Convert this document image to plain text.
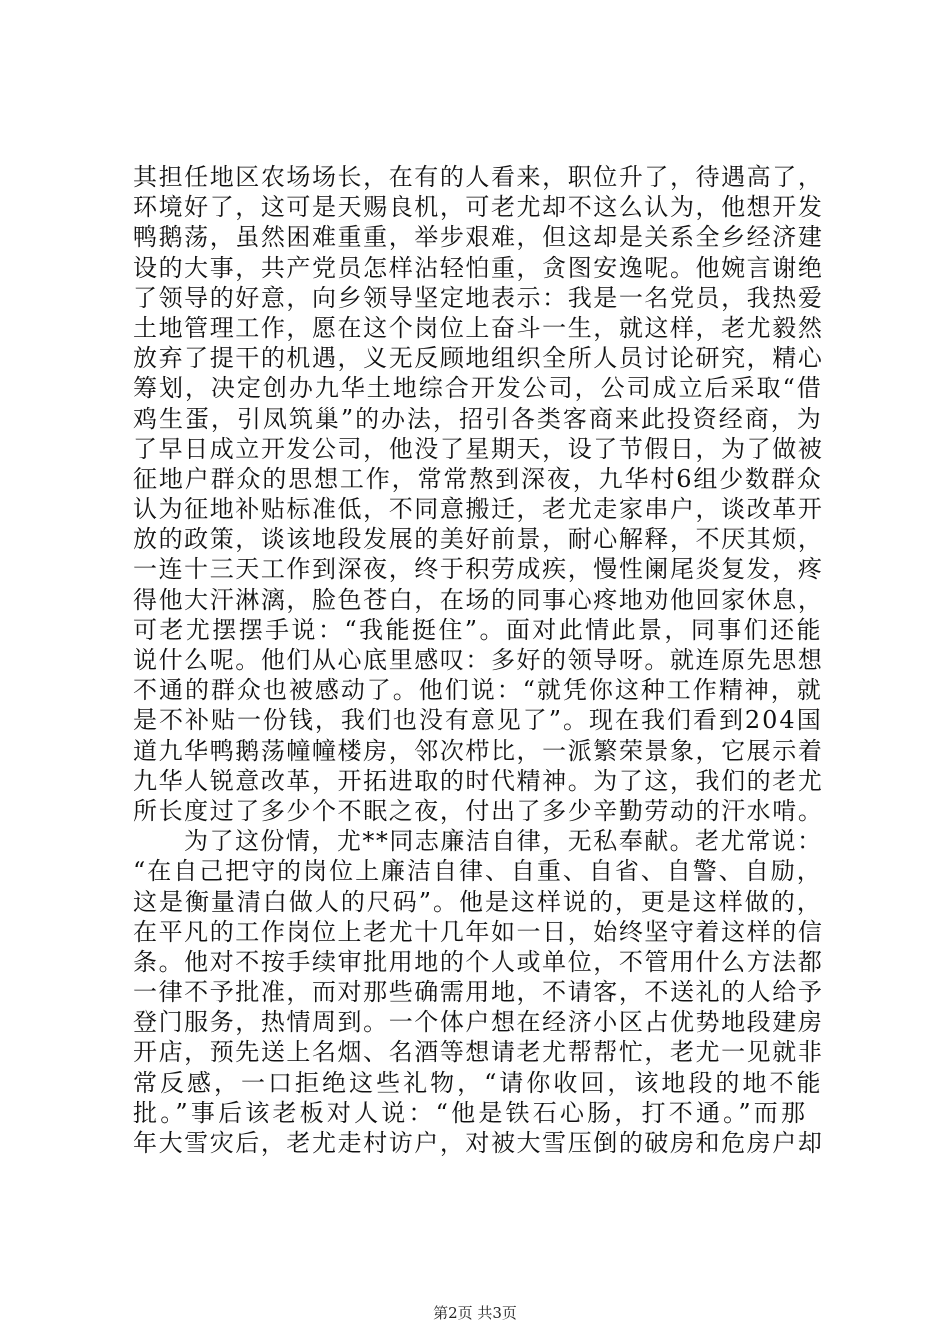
其担任地区农场场长，在有的人看来，职位升了，待遇高了，
环境好了，这可是天赐良机，可老尤却不这么认为，他想开发
鸭鹅荡，虽然困难重重，举步艰难，但这却是关系全乡经济建
设的大事，共产党员怎样沾轻怕重，贪图安逸呢。他婉言谢绝
了领导的好意，向乡领导坚定地表示：我是一名党员，我热爱
土地管理工作，愿在这个岗位上奋斗一生，就这样，老尤毅然
放弃了提干的机遇，义无反顾地组织全所人员讨论研究，精心
筹划，决定创办九华土地综合开发公司，公司成立后采取“借
鸡生蛋，引凤筑巢”的办法，招引各类客商来此投资经商，为
了早日成立开发公司，他没了星期天，设了节假日，为了做被
征地户群众的思想工作，常常熬到深夜，九华村6组少数群众
认为征地补贴标准低，不同意搬迁，老尤走家串户，谈改革开
放的政策，谈该地段发展的美好前景，耐心解释，不厌其烦，
一连十三天工作到深夜，终于积劳成疾，慢性阑尾炎复发，疼
得他大汗淋漓，脸色苍白，在场的同事心疼地劝他回家休息，
可老尤摆摆手说：“我能挺住”。面对此情此景，同事们还能
说什么呢。他们从心底里感叹：多好的领导呀。就连原先思想
不通的群众也被感动了。他们说：“就凭你这种工作精神，就
是不补贴一份钱，我们也没有意见了”。现在我们看到204国
道九华鸭鹅荡幢幢楼房，邻次栉比，一派繁荣景象，它展示着
九华人锐意改革，开拓进取的时代精神。为了这，我们的老尤
所长度过了多少个不眠之夜，付出了多少辛勤劳动的汗水啃。
　　为了这份情，尤**同志廉洁自律，无私奉献。老尤常说：
“在自己把守的岗位上廉洁自律、自重、自省、自警、自励，
这是衡量清白做人的尺码”。他是这样说的，更是这样做的，
在平凡的工作岗位上老尤十几年如一日，始终坚守着这样的信
条。他对不按手续审批用地的个人或单位，不管用什么方法都
一律不予批准，而对那些确需用地，不请客，不送礼的人给予
登门服务，热情周到。一个体户想在经济小区占优势地段建房
开店，预先送上名烟、名酒等想请老尤帮帮忙，老尤一见就非
常反感，一口拒绝这些礼物，“请你收回，该地段的地不能
批。”事后该老板对人说：“他是铁石心肠，打不通。”而那
年大雪灾后，老尤走村访户，对被大雪压倒的破房和危房户却
第2页 共3页
